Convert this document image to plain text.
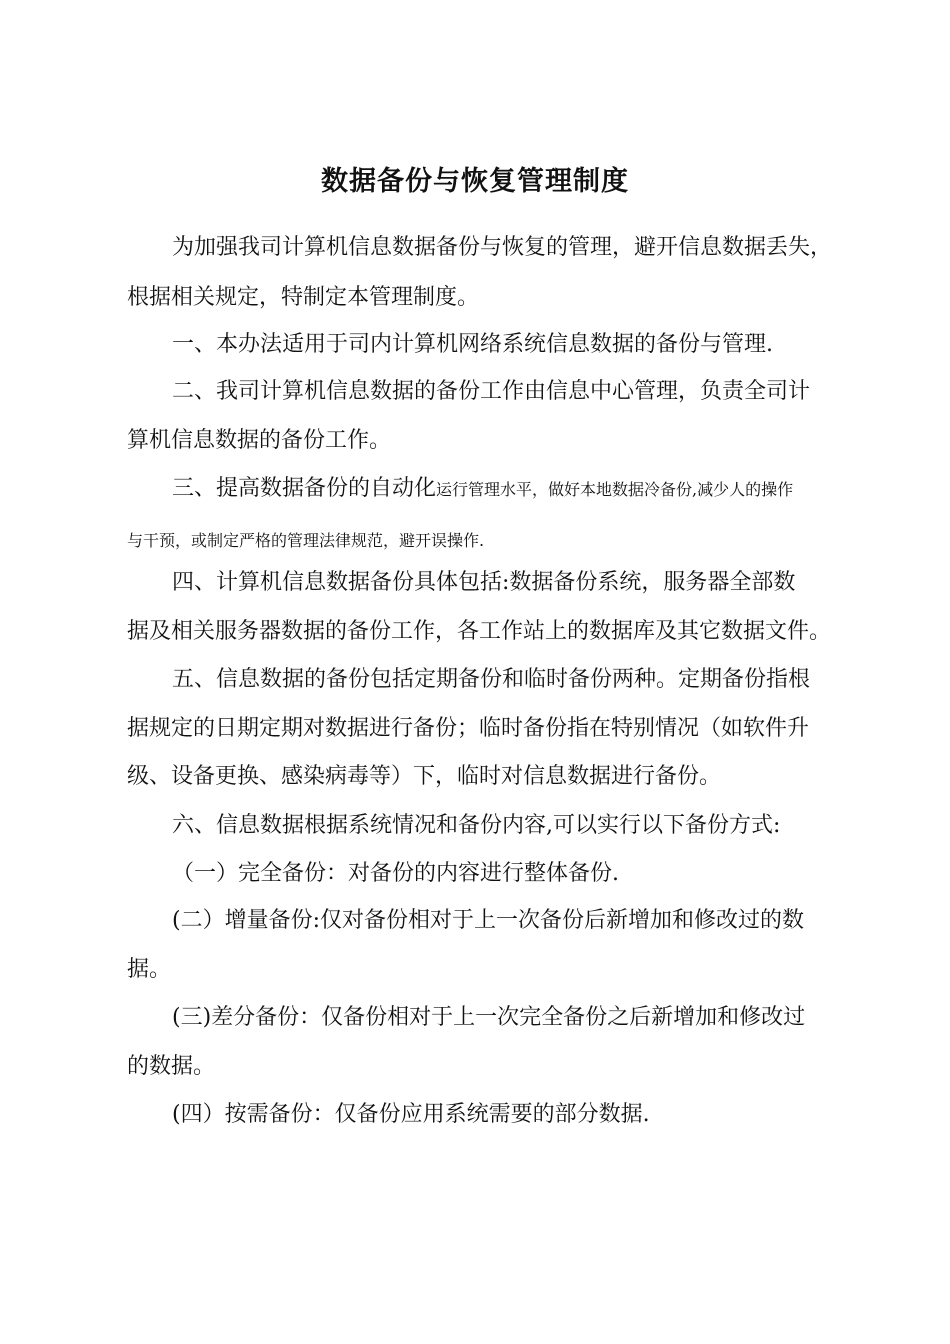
数据备份与恢复管理制度
为加强我司计算机信息数据备份与恢复的管理，避开信息数据丢失，
根据相关规定，特制定本管理制度。
一、本办法适用于司内计算机网络系统信息数据的备份与管理.
二、我司计算机信息数据的备份工作由信息中心管理，负责全司计
算机信息数据的备份工作。
三、提高数据备份的自动化运行管理水平，做好本地数据冷备份,减少人的操作
与干预，或制定严格的管理法律规范，避开误操作.
四、计算机信息数据备份具体包括:数据备份系统，服务器全部数
据及相关服务器数据的备份工作，各工作站上的数据库及其它数据文件。
五、信息数据的备份包括定期备份和临时备份两种。定期备份指根
据规定的日期定期对数据进行备份；临时备份指在特别情况（如软件升
级、设备更换、感染病毒等）下，临时对信息数据进行备份。
六、信息数据根据系统情况和备份内容,可以实行以下备份方式:
（一）完全备份：对备份的内容进行整体备份.
(二）增量备份:仅对备份相对于上一次备份后新增加和修改过的数
据。
(三)差分备份：仅备份相对于上一次完全备份之后新增加和修改过
的数据。
(四）按需备份：仅备份应用系统需要的部分数据.
